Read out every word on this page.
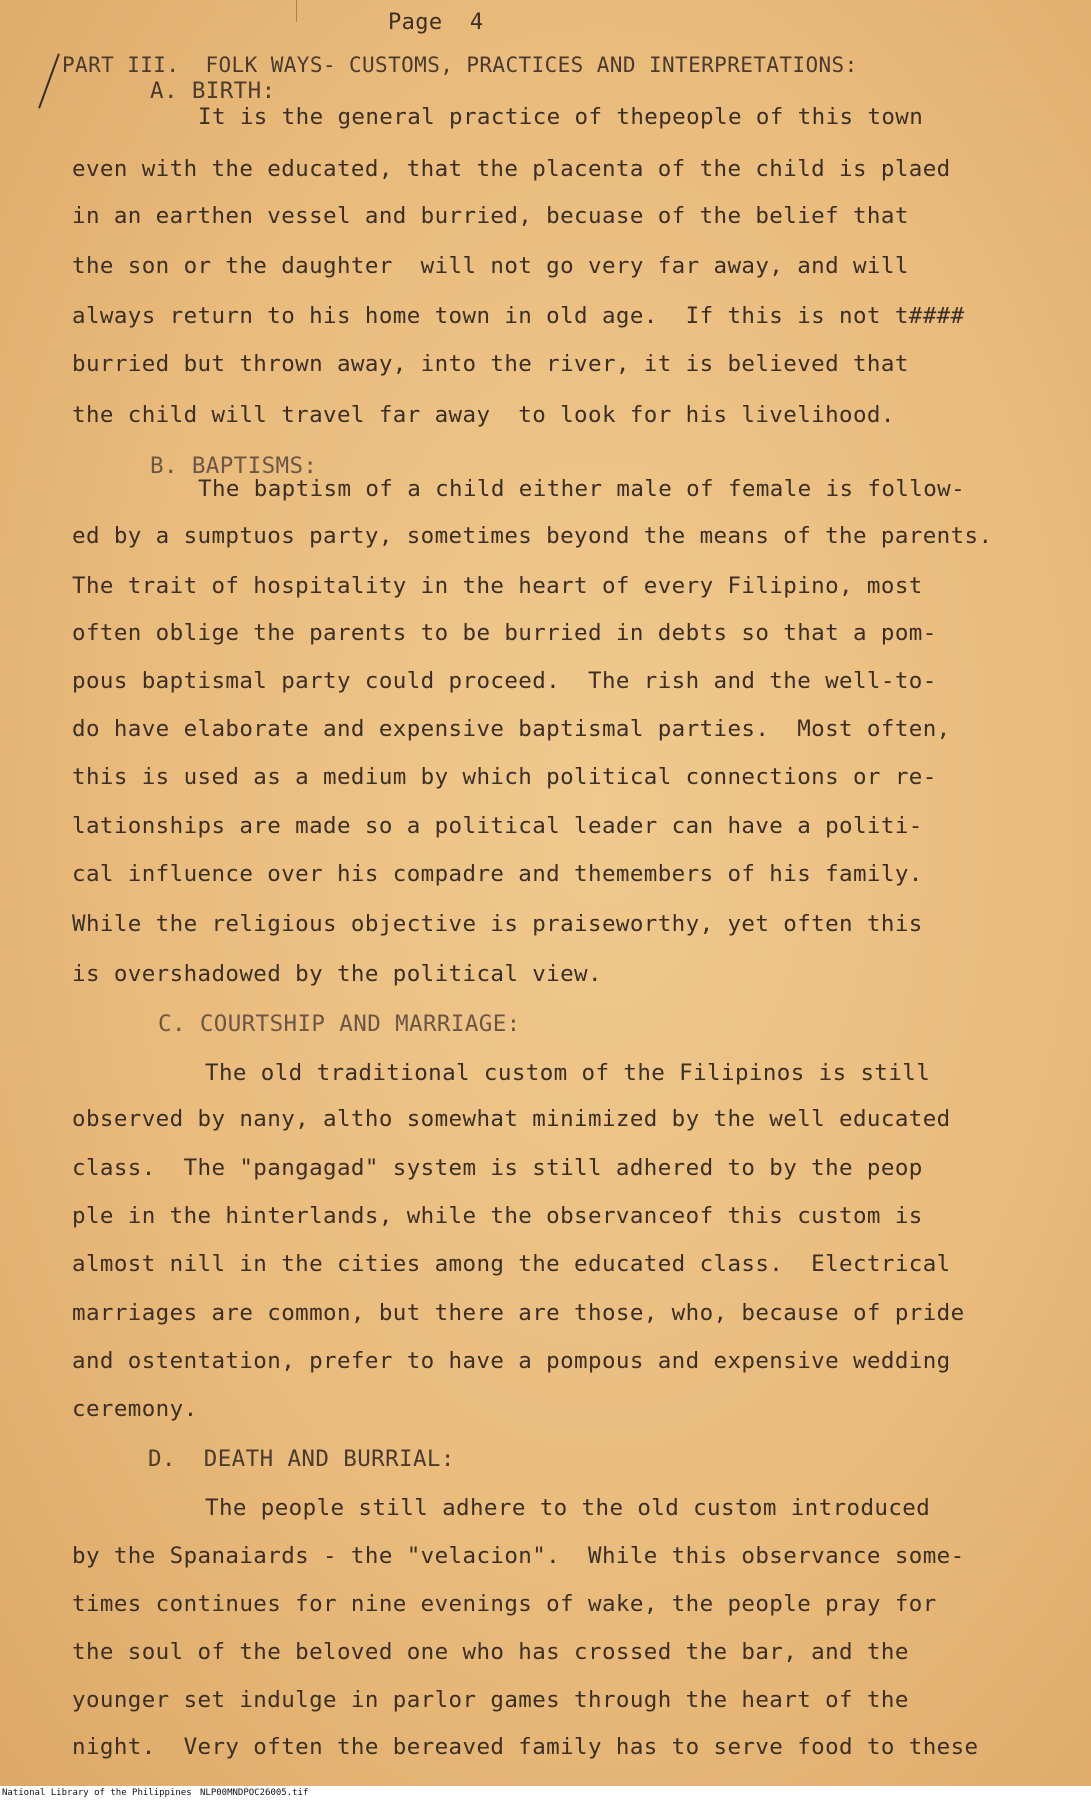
Page  4
PART III.  FOLK WAYS- CUSTOMS, PRACTICES AND INTERPRETATIONS:
A. BIRTH:
It is the general practice of thepeople of this town
even with the educated, that the placenta of the child is plaed
in an earthen vessel and burried, becuase of the belief that
the son or the daughter  will not go very far away, and will
always return to his home town in old age.  If this is not t####
burried but thrown away, into the river, it is believed that
the child will travel far away  to look for his livelihood.
B. BAPTISMS:
The baptism of a child either male of female is follow-
ed by a sumptuos party, sometimes beyond the means of the parents.
The trait of hospitality in the heart of every Filipino, most
often oblige the parents to be burried in debts so that a pom-
pous baptismal party could proceed.  The rish and the well-to-
do have elaborate and expensive baptismal parties.  Most often,
this is used as a medium by which political connections or re-
lationships are made so a political leader can have a politi-
cal influence over his compadre and themembers of his family.
While the religious objective is praiseworthy, yet often this
is overshadowed by the political view.
C. COURTSHIP AND MARRIAGE:
The old traditional custom of the Filipinos is still
observed by nany, altho somewhat minimized by the well educated
class.  The "pangagad" system is still adhered to by the peop
ple in the hinterlands, while the observanceof this custom is
almost nill in the cities among the educated class.  Electrical
marriages are common, but there are those, who, because of pride
and ostentation, prefer to have a pompous and expensive wedding
ceremony.
D.  DEATH AND BURRIAL:
The people still adhere to the old custom introduced
by the Spanaiards - the "velacion".  While this observance some-
times continues for nine evenings of wake, the people pray for
the soul of the beloved one who has crossed the bar, and the
younger set indulge in parlor games through the heart of the
night.  Very often the bereaved family has to serve food to these
National Library of the Philippines NLP00MNDPOC26005.tif
